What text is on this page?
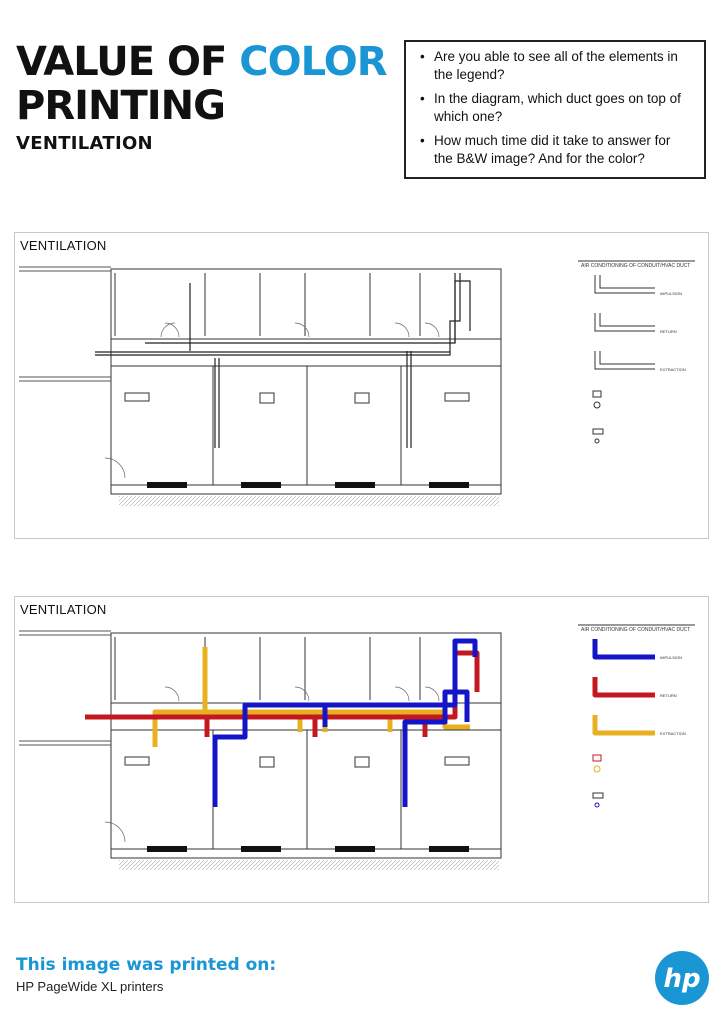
VALUE OF COLOR
PRINTING
VENTILATION
• Are you able to see all of the elements in the legend?
• In the diagram, which duct goes on top of which one?
• How much time did it take to answer for the B&W image? And for the color?
AIR CONDITIONING OF CONDUIT/HVAC DUCT
IMPULSION
RETURN
EXTRACTION
VENTILATION
AIR CONDITIONING OF CONDUIT/HVAC DUCT
IMPULSION
RETURN
EXTRACTION
VENTILATION
This image was printed on:
HP PageWide XL printers	hp
